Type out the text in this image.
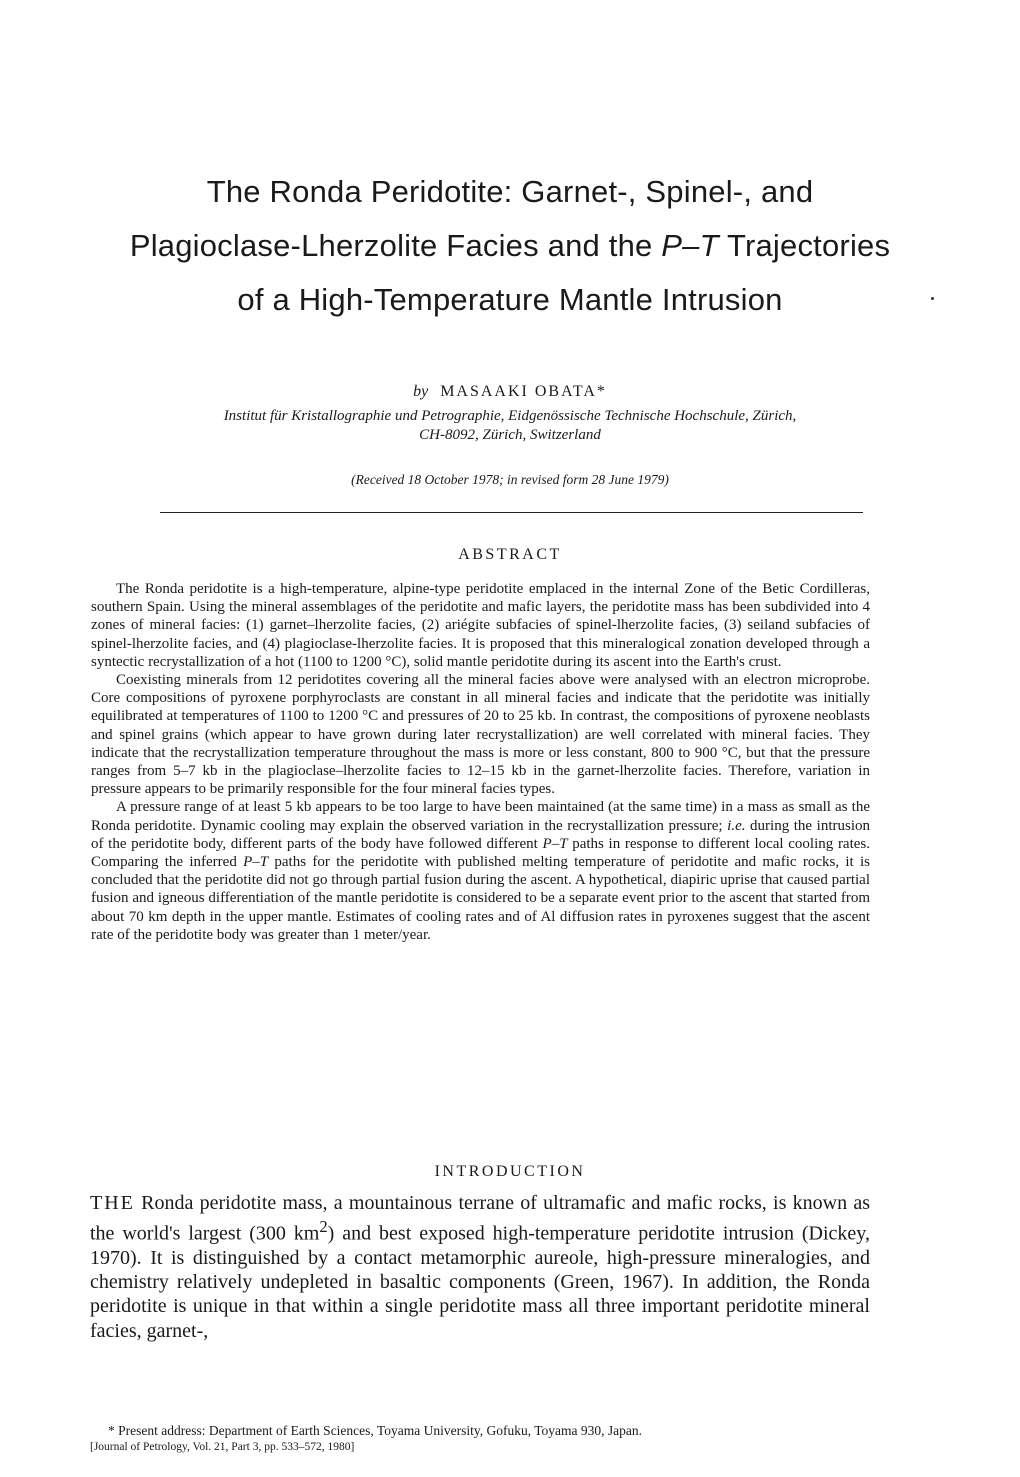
The Ronda Peridotite: Garnet-, Spinel-, and
Plagioclase-Lherzolite Facies and the P–T Trajectories
of a High-Temperature Mantle Intrusion
by MASAAKI OBATA*
Institut für Kristallographie und Petrographie, Eidgenössische Technische Hochschule, Zürich,
CH-8092, Zürich, Switzerland
(Received 18 October 1978; in revised form 28 June 1979)
ABSTRACT

The Ronda peridotite is a high-temperature, alpine-type peridotite emplaced in the internal Zone of the Betic Cordilleras, southern Spain. Using the mineral assemblages of the peridotite and mafic layers, the peridotite mass has been subdivided into 4 zones of mineral facies: (1) garnet–lherzolite facies, (2) ariégite subfacies of spinel-lherzolite facies, (3) seiland subfacies of spinel-lherzolite facies, and (4) plagioclase-lherzolite facies. It is proposed that this mineralogical zonation developed through a syntectic recrystallization of a hot (1100 to 1200 °C), solid mantle peridotite during its ascent into the Earth's crust.

Coexisting minerals from 12 peridotites covering all the mineral facies above were analysed with an electron microprobe. Core compositions of pyroxene porphyroclasts are constant in all mineral facies and indicate that the peridotite was initially equilibrated at temperatures of 1100 to 1200 °C and pressures of 20 to 25 kb. In contrast, the compositions of pyroxene neoblasts and spinel grains (which appear to have grown during later recrystallization) are well correlated with mineral facies. They indicate that the recrystallization temperature throughout the mass is more or less constant, 800 to 900 °C, but that the pressure ranges from 5–7 kb in the plagioclase–lherzolite facies to 12–15 kb in the garnet-lherzolite facies. Therefore, variation in pressure appears to be primarily responsible for the four mineral facies types.

A pressure range of at least 5 kb appears to be too large to have been maintained (at the same time) in a mass as small as the Ronda peridotite. Dynamic cooling may explain the observed variation in the recrystallization pressure; i.e. during the intrusion of the peridotite body, different parts of the body have followed different P–T paths in response to different local cooling rates. Comparing the inferred P–T paths for the peridotite with published melting temperature of peridotite and mafic rocks, it is concluded that the peridotite did not go through partial fusion during the ascent. A hypothetical, diapiric uprise that caused partial fusion and igneous differentiation of the mantle peridotite is considered to be a separate event prior to the ascent that started from about 70 km depth in the upper mantle. Estimates of cooling rates and of Al diffusion rates in pyroxenes suggest that the ascent rate of the peridotite body was greater than 1 meter/year.

INTRODUCTION

THE Ronda peridotite mass, a mountainous terrane of ultramafic and mafic rocks, is known as the world's largest (300 $km^2$) and best exposed high-temperature peridotite intrusion (Dickey, 1970). It is distinguished by a contact metamorphic aureole, high-pressure mineralogies, and chemistry relatively undepleted in basaltic components (Green, 1967). In addition, the Ronda peridotite is unique in that within a single peridotite mass all three important peridotite mineral facies, garnet-,

* Present address: Department of Earth Sciences, Toyama University, Gofuku, Toyama 930, Japan.
[Journal of Petrology, Vol. 21, Part 3, pp. 533–572, 1980]
